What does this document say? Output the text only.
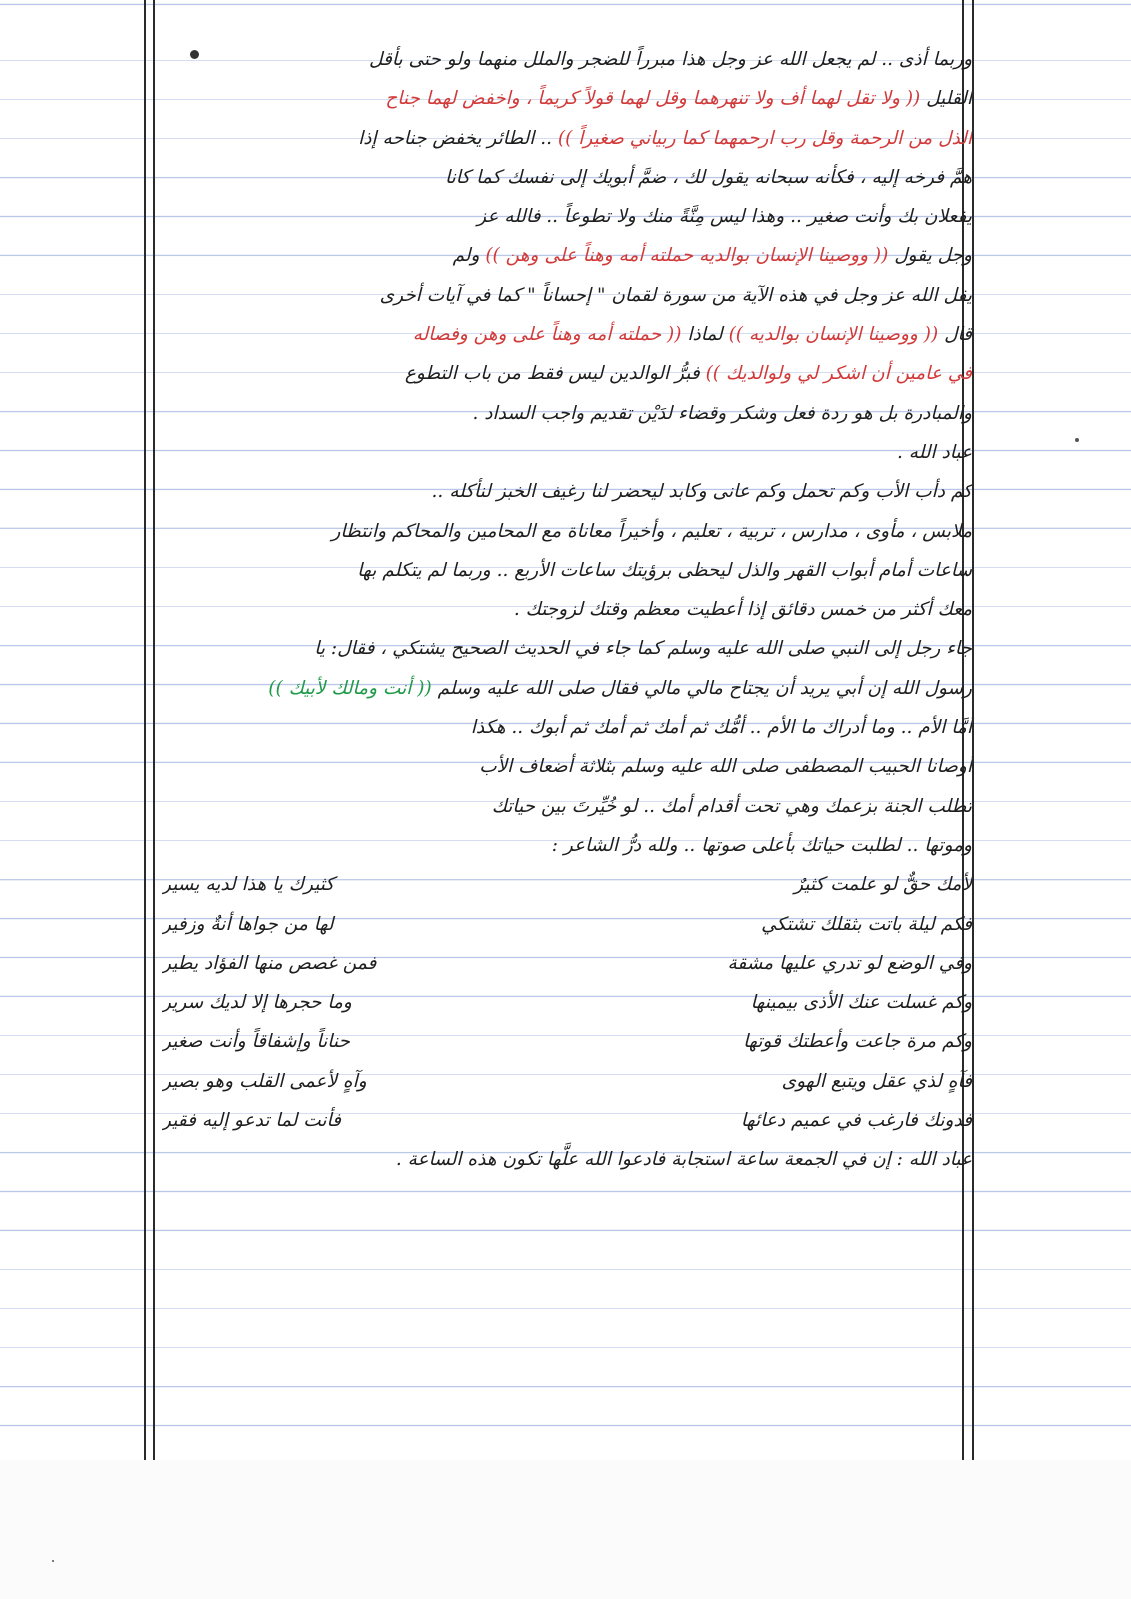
وربما أذى .. لم يجعل الله عز وجل هذا مبرراً للضجر والملل منهما ولو حتى بأقل
القليل (( ولا تقل لهما أف ولا تنهرهما وقل لهما قولاً كريماً ، واخفض لهما جناح
الذل من الرحمة وقل رب ارحمهما كما ربياني صغيراً )) .. الطائر يخفض جناحه إذا
همَّ فرخه إليه ، فكأنه سبحانه يقول لك ، ضمَّ أبويك إلى نفسك كما كانا
يفعلان بك وأنت صغير .. وهذا ليس مِنَّةً منك ولا تطوعاً .. فالله عز
وجل يقول (( ووصينا الإنسان بوالديه حملته أمه وهناً على وهن )) ولم
يقل الله عز وجل في هذه الآية من سورة لقمان " إحساناً " كما في آيات أخرى
قال (( ووصينا الإنسان بوالديه )) لماذا (( حملته أمه وهناً على وهن وفصاله
في عامين أن اشكر لي ولوالديك )) فبرُّ الوالدين ليس فقط من باب التطوع
والمبادرة بل هو ردة فعل وشكر وقضاء لدَيْن تقديم واجب السداد .
عباد الله .
كم دأب الأب وكم تحمل وكم عانى وكابد ليحضر لنا رغيف الخبز لنأكله ..
ملابس ، مأوى ، مدارس ، تربية ، تعليم ، وأخيراً معاناة مع المحامين والمحاكم وانتظار
ساعات أمام أبواب القهر والذل ليحظى برؤيتك ساعات الأربع .. وربما لم يتكلم بها
معك أكثر من خمس دقائق إذا أعطيت معظم وقتك لزوجتك .
جاء رجل إلى النبي صلى الله عليه وسلم كما جاء في الحديث الصحيح يشتكي ، فقال: يا
رسول الله إن أبي يريد أن يجتاح مالي مالي فقال صلى الله عليه وسلم (( أنت ومالك لأبيك ))
أمَّا الأم .. وما أدراك ما الأم .. أمُّك ثم أمك ثم أمك ثم أبوك .. هكذا
أوصانا الحبيب المصطفى صلى الله عليه وسلم بثلاثة أضعاف الأب
تطلب الجنة بزعمك وهي تحت أقدام أمك .. لو خُيِّرتَ بين حياتك
وموتها .. لطلبت حياتك بأعلى صوتها .. ولله درُّ الشاعر :
لأمك حقٌّ لو علمت كثيرٌ
كثيرك يا هذا لديه يسير
فكم ليلة باتت بثقلك تشتكي
لها من جواها أنةٌ وزفير
وفي الوضع لو تدري عليها مشقة
فمن غصص منها الفؤاد يطير
وكم غسلت عنك الأذى بيمينها
وما حجرها إلا لديك سرير
وكم مرة جاعت وأعطتك قوتها
حناناً وإشفاقاً وأنت صغير
فآهٍ لذي عقل ويتبع الهوى
وآهٍ لأعمى القلب وهو بصير
فدونك فارغب في عميم دعائها
فأنت لما تدعو إليه فقير
عباد الله : إن في الجمعة ساعة استجابة فادعوا الله علَّها تكون هذه الساعة .
